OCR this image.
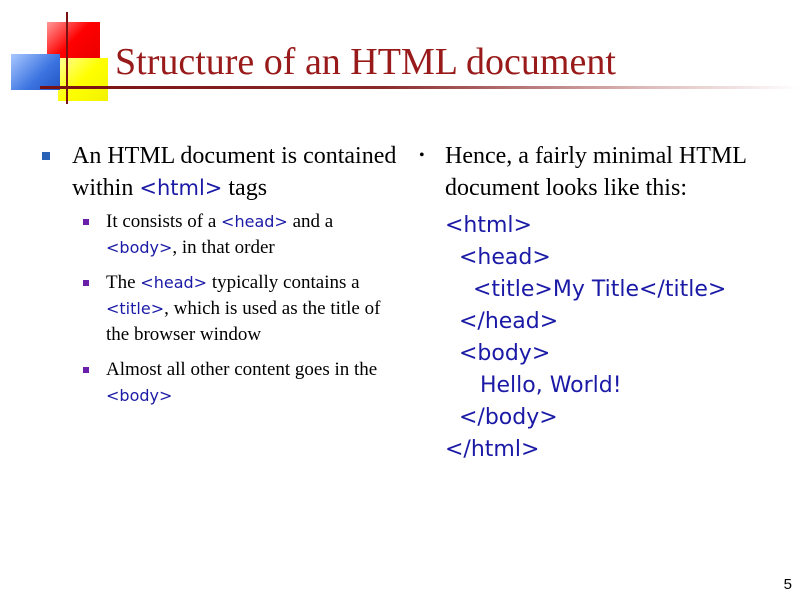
Structure of an HTML document
An HTML document is contained within <html> tags
It consists of a <head> and a <body>, in that order
The <head> typically contains a <title>, which is used as the title of the browser window
Almost all other content goes in the <body>
• Hence, a fairly minimal HTML document looks like this:
<html>
<head>
<title>My Title</title>
</head>
<body>
Hello, World!
</body>
</html>
5
